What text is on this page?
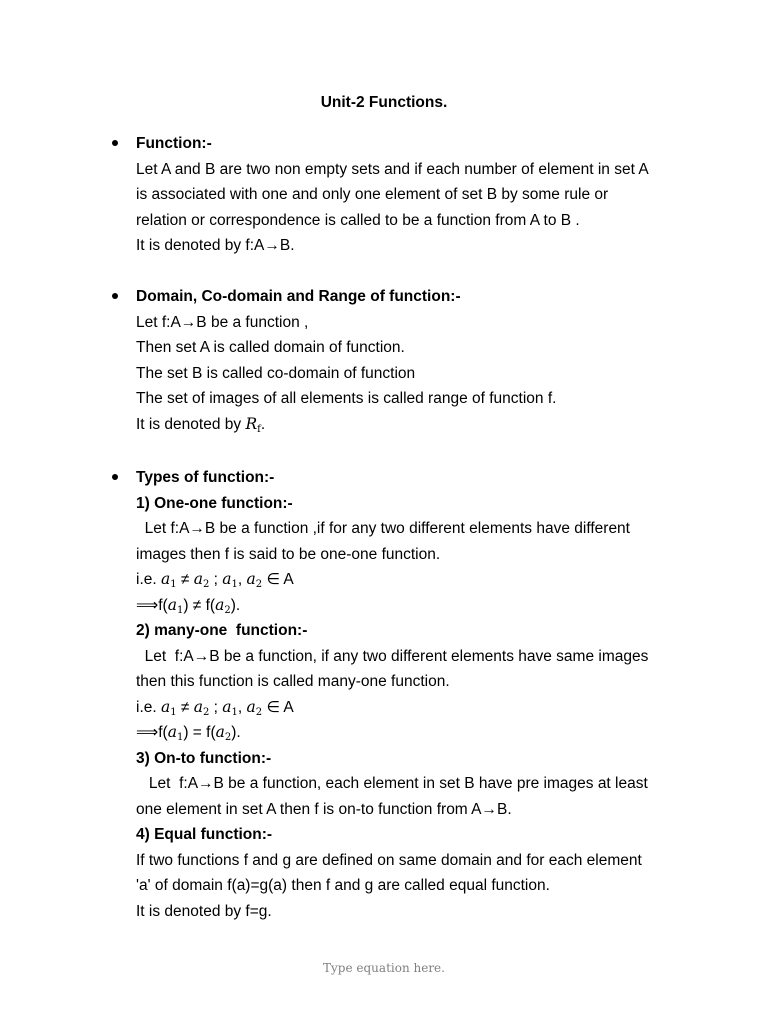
Unit-2 Functions.
Function:-
Let A and B are two non empty sets and if each number of element in set A
is associated with one and only one element of set B by some rule or
relation or correspondence is called to be a function from A to B .
It is denoted by f:A→B.
Domain, Co-domain and Range of function:-
Let f:A→B be a function ,
Then set A is called domain of function.
The set B is called co-domain of function
The set of images of all elements is called range of function f.
It is denoted by $R_f$.
Types of function:-
1) One-one function:-
Let f:A→B be a function ,if for any two different elements have different
images then f is said to be one-one function.
i.e. $a_1 \ne a_2$ ; $a_1$, $a_2$ ∈ A
$⟹f(a_1) \ne f(a_2)$.
2) many-one  function:-
Let  f:A→B be a function, if any two different elements have same images
then this function is called many-one function.
i.e. $a_1 \ne a_2$ ; $a_1$, $a_2$ ∈ A
$⟹f(a_1) = f(a_2)$.
3) On-to function:-
Let  f:A→B be a function, each element in set B have pre images at least
one element in set A then f is on-to function from A→B.
4) Equal function:-
If two functions f and g are defined on same domain and for each element
'a' of domain f(a)=g(a) then f and g are called equal function.
It is denoted by f=g.
Type equation here.
